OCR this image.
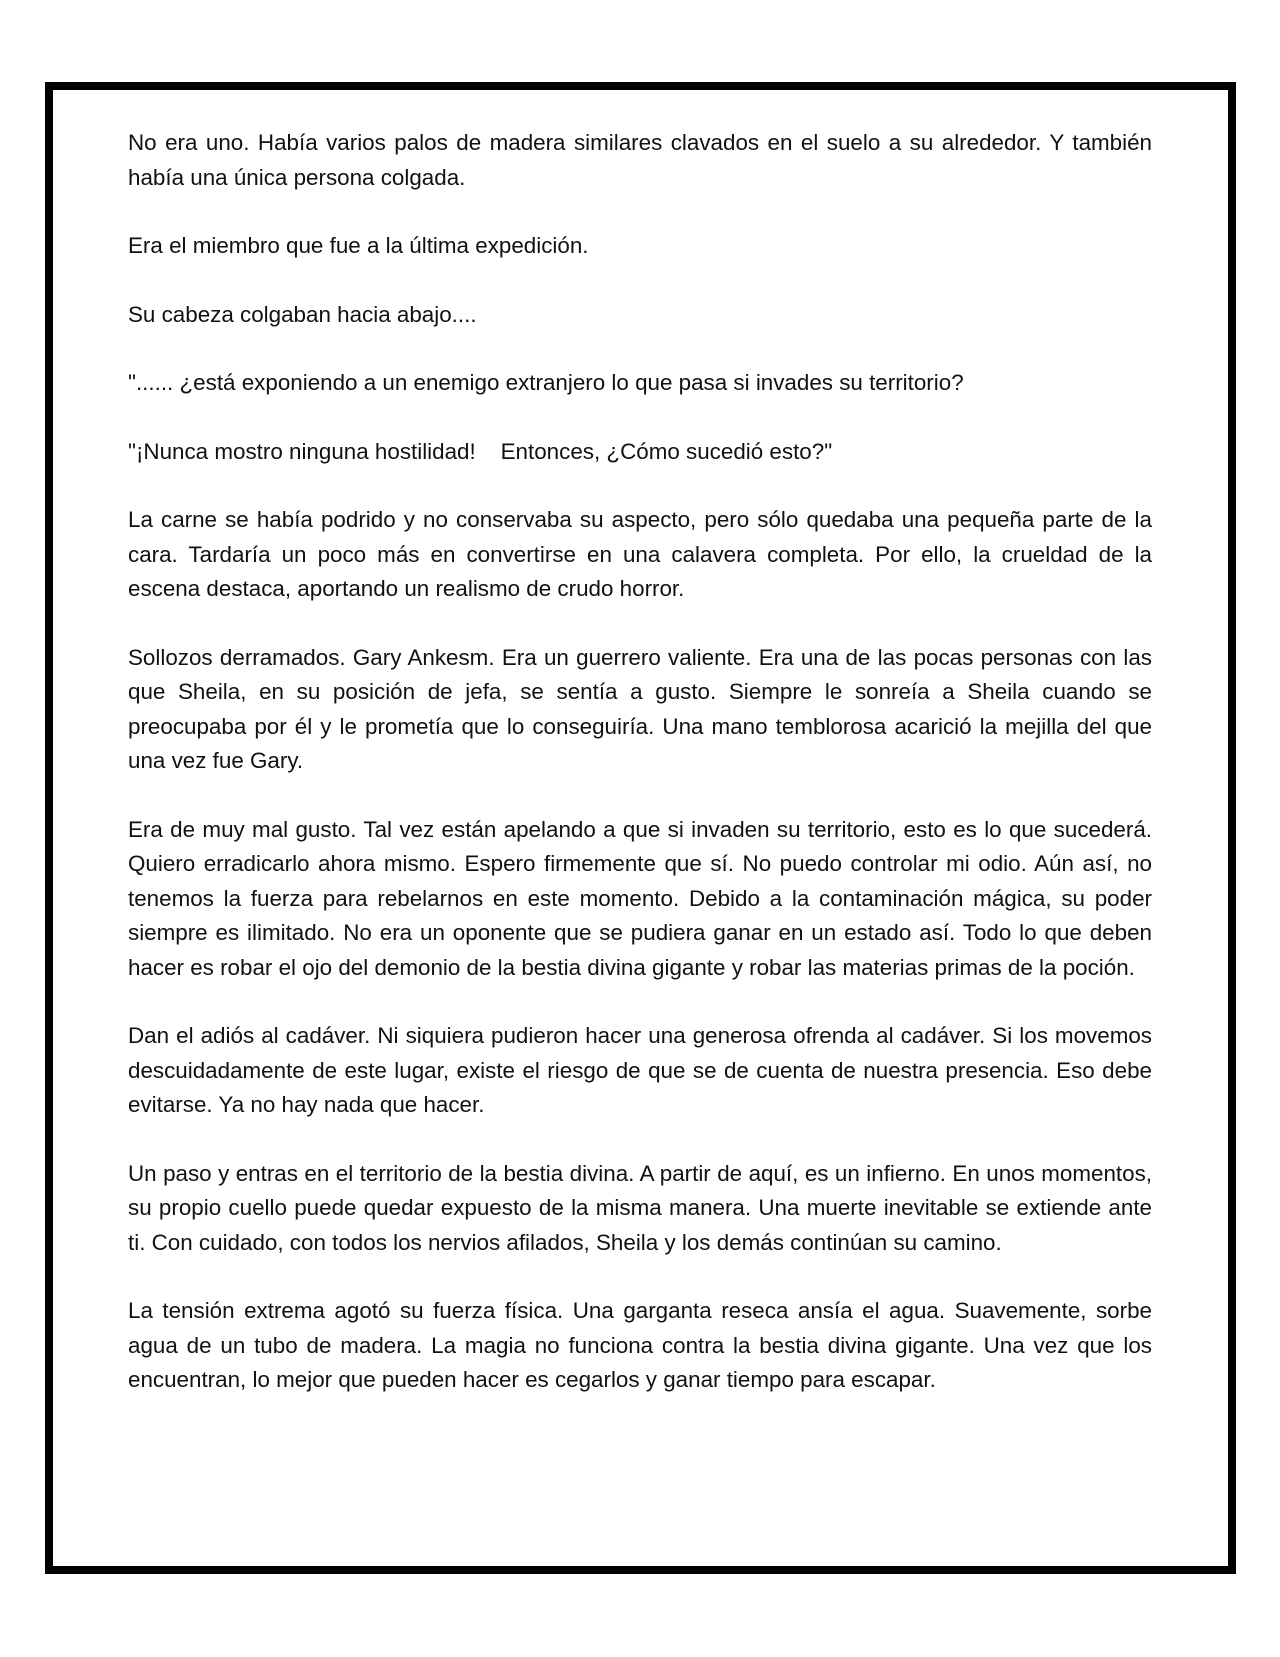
No era uno. Había varios palos de madera similares clavados en el suelo a su alrededor. Y también había una única persona colgada.

Era el miembro que fue a la última expedición.

Su cabeza colgaban hacia abajo....

"...... ¿está exponiendo a un enemigo extranjero lo que pasa si invades su territorio?

"¡Nunca mostro ninguna hostilidad!    Entonces, ¿Cómo sucedió esto?"

La carne se había podrido y no conservaba su aspecto, pero sólo quedaba una pequeña parte de la cara. Tardaría un poco más en convertirse en una calavera completa. Por ello, la crueldad de la escena destaca, aportando un realismo de crudo horror.

Sollozos derramados. Gary Ankesm. Era un guerrero valiente. Era una de las pocas personas con las que Sheila, en su posición de jefa, se sentía a gusto. Siempre le sonreía a Sheila cuando se preocupaba por él y le prometía que lo conseguiría. Una mano temblorosa acarició la mejilla del que una vez fue Gary.

Era de muy mal gusto. Tal vez están apelando a que si invaden su territorio, esto es lo que sucederá. Quiero erradicarlo ahora mismo. Espero firmemente que sí. No puedo controlar mi odio. Aún así, no tenemos la fuerza para rebelarnos en este momento. Debido a la contaminación mágica, su poder siempre es ilimitado. No era un oponente que se pudiera ganar en un estado así. Todo lo que deben hacer es robar el ojo del demonio de la bestia divina gigante y robar las materias primas de la poción.

Dan el adiós al cadáver. Ni siquiera pudieron hacer una generosa ofrenda al cadáver. Si los movemos descuidadamente de este lugar, existe el riesgo de que se de cuenta de nuestra presencia. Eso debe evitarse. Ya no hay nada que hacer.

Un paso y entras en el territorio de la bestia divina. A partir de aquí, es un infierno. En unos momentos, su propio cuello puede quedar expuesto de la misma manera. Una muerte inevitable se extiende ante ti. Con cuidado, con todos los nervios afilados, Sheila y los demás continúan su camino.

La tensión extrema agotó su fuerza física. Una garganta reseca ansía el agua. Suavemente, sorbe agua de un tubo de madera. La magia no funciona contra la bestia divina gigante. Una vez que los encuentran, lo mejor que pueden hacer es cegarlos y ganar tiempo para escapar.
